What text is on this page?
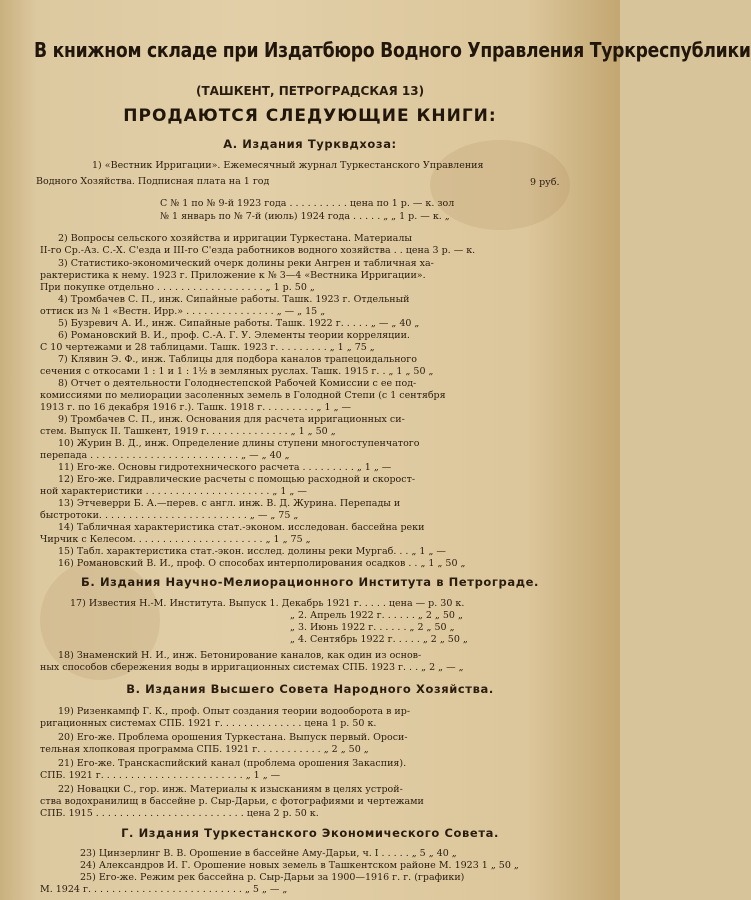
В книжном складе при Издатбюро Водного Управления Туркреспублики
(ТАШКЕНТ, ПЕТРОГРАДСКАЯ 13)
ПРОДАЮТСЯ СЛЕДУЮЩИЕ КНИГИ:
А. Издания Турквдхоза:
1) «Вестник Ирригации». Ежемесячный журнал Туркестанского Управления
Водного Хозяйства. Подписная плата на 1 год	9 руб.
С № 1 по № 9-й 1923 года . . . . . . . . . . цена по 1 р. — к. зол
№ 1 январь по № 7-й (июль) 1924 года . . . . . „ „ 1 р. — к. „
2) Вопросы сельского хозяйства и ирригации Туркестана. Материалы
II-го Ср.-Аз. С.-Х. С'езда и III-го С'езда работников водного хозяйства . . цена 3 р. — к.
3) Статистико-экономический очерк долины реки Ангрен и табличная ха-
рактеристика к нему. 1923 г. Приложение к № 3—4 «Вестника Ирригации».
При покупке отдельно . . . . . . . . . . . . . . . . . . „ 1 р. 50 „
4) Тромбачев С. П., инж. Сипайные работы. Ташк. 1923 г. Отдельный
оттиск из № 1 «Вестн. Ирр.» . . . . . . . . . . . . . . . „ — „ 15 „
5) Бузревич А. И., инж. Сипайные работы. Ташк. 1922 г. . . . . „ — „ 40 „
6) Романовский В. И., проф. С.-А. Г. У. Элементы теории корреляции.
С 10 чертежами и 28 таблицами. Ташк. 1923 г. . . . . . . . . „ 1 „ 75 „
7) Клявин Э. Ф., инж. Таблицы для подбора каналов трапецоидального
сечения с откосами 1 : 1 и 1 : 1½ в земляных руслах. Ташк. 1915 г. . „ 1 „ 50 „
8) Отчет о деятельности Голоднестепской Рабочей Комиссии с ее под-
комиссиями по мелиорации засоленных земель в Голодной Степи (с 1 сентября
1913 г. по 16 декабря 1916 г.). Ташк. 1918 г. . . . . . . . . „ 1 „ —
9) Тромбачев С. П., инж. Основания для расчета ирригационных си-
стем. Выпуск II. Ташкент, 1919 г. . . . . . . . . . . . . . „ 1 „ 50 „
10) Журин В. Д., инж. Определение длины ступени многоступенчатого
перепада . . . . . . . . . . . . . . . . . . . . . . . . . „ — „ 40 „
11) Его-же. Основы гидротехнического расчета . . . . . . . . . „ 1 „ —
12) Его-же. Гидравлические расчеты с помощью расходной и скорост-
ной характеристики . . . . . . . . . . . . . . . . . . . . . „ 1 „ —
13) Этчеверри Б. А.—перев. с англ. инж. В. Д. Журина. Перепады и
быстротоки. . . . . . . . . . . . . . . . . . . . . . . . . „ — „ 75 „
14) Табличная характеристика стат.-эконом. исследован. бассейна реки
Чирчик с Келесом. . . . . . . . . . . . . . . . . . . . . . „ 1 „ 75 „
15) Табл. характеристика стат.-экон. исслед. долины реки Мургаб. . . „ 1 „ —
16) Романовский В. И., проф. О способах интерполирования осадков . . „ 1 „ 50 „
Б. Издания Научно-Мелиорационного Института в Петрограде.
17) Известия Н.-М. Института. Выпуск 1. Декабрь 1921 г. . . . . цена — р. 30 к.
„ 2. Апрель 1922 г. . . . . . „ 2 „ 50 „
„ 3. Июнь 1922 г. . . . . . „ 2 „ 50 „
„ 4. Сентябрь 1922 г. . . . . „ 2 „ 50 „
18) Знаменский Н. И., инж. Бетонирование каналов, как один из основ-
ных способов сбережения воды в ирригационных системах СПБ. 1923 г. . . „ 2 „ — „
В. Издания Высшего Совета Народного Хозяйства.
19) Ризенкампф Г. К., проф. Опыт создания теории водооборота в ир-
ригационных системах СПБ. 1921 г. . . . . . . . . . . . . . цена 1 р. 50 к.
20) Его-же. Проблема орошения Туркестана. Выпуск первый. Ороси-
тельная хлопковая программа СПБ. 1921 г. . . . . . . . . . . „ 2 „ 50 „
21) Его-же. Транскаспийский канал (проблема орошения Закаспия).
СПБ. 1921 г. . . . . . . . . . . . . . . . . . . . . . . . „ 1 „ —
22) Новацки С., гор. инж. Материалы к изысканиям в целях устрой-
ства водохранилищ в бассейне р. Сыр-Дарьи, с фотографиями и чертежами
СПБ. 1915 . . . . . . . . . . . . . . . . . . . . . . . . . цена 2 р. 50 к.
Г. Издания Туркестанского Экономического Совета.
23) Цинзерлинг В. В. Орошение в бассейне Аму-Дарьи, ч. I . . . . . „ 5 „ 40 „
24) Александров И. Г. Орошение новых земель в Ташкентском районе М. 1923 1 „ 50 „
25) Его-же. Режим рек бассейна р. Сыр-Дарьи за 1900—1916 г. г. (графики)
М. 1924 г. . . . . . . . . . . . . . . . . . . . . . . . . . „ 5 „ — „
